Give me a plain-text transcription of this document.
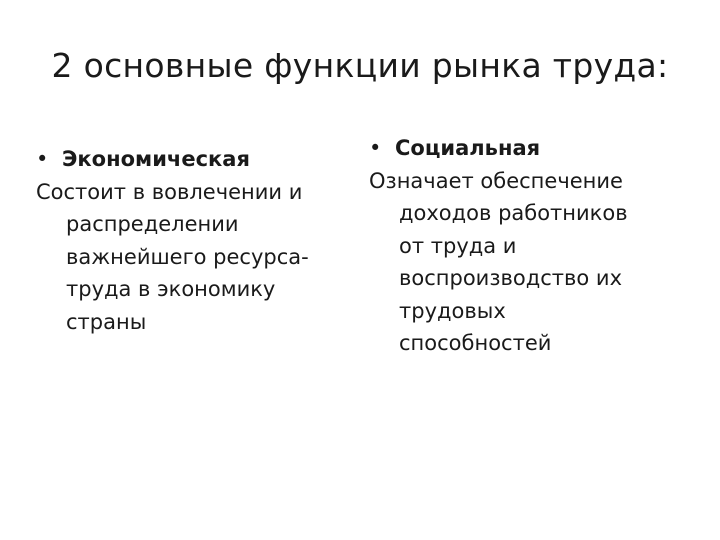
2 основные функции рынка труда:
• Экономическая
Состоит в вовлечении и
распределении
важнейшего ресурса-
труда в экономику
страны
• Социальная
Означает обеспечение
доходов работников
от труда и
воспроизводство их
трудовых
способностей
